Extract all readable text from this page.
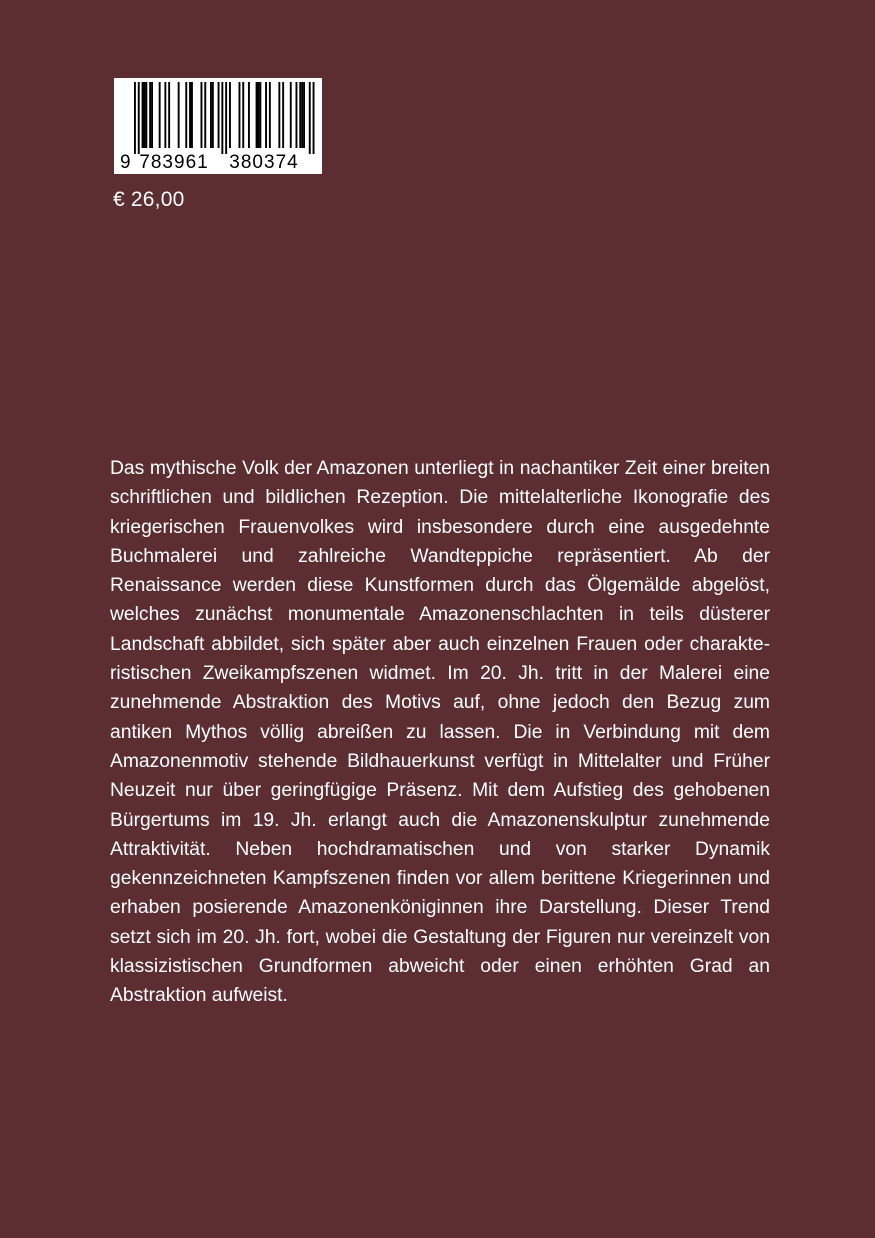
9 783961 380374
€ 26,00

Das mythische Volk der Amazonen unterliegt in nachantiker Zeit einer breiten schriftlichen und bildlichen Rezeption. Die mittelalterliche Ikonografie des kriegerischen Frauenvolkes wird insbesondere durch eine ausgedehnte Buchmalerei und zahlreiche Wandteppiche repräsentiert. Ab der Renaissance werden diese Kunstformen durch das Ölgemälde abgelöst, welches zunächst monumentale Amazonenschlachten in teils düsterer Landschaft abbildet, sich später aber auch einzelnen Frauen oder charakteristischen Zweikampfszenen widmet. Im 20. Jh. tritt in der Malerei eine zunehmende Abstraktion des Motivs auf, ohne jedoch den Bezug zum antiken Mythos völlig abreißen zu lassen. Die in Verbindung mit dem Amazonenmotiv stehende Bildhauerkunst verfügt in Mittelalter und Früher Neuzeit nur über geringfügige Präsenz. Mit dem Aufstieg des gehobenen Bürgertums im 19. Jh. erlangt auch die Amazonenskulptur zunehmende Attraktivität. Neben hochdramatischen und von starker Dynamik gekennzeichneten Kampfszenen finden vor allem berittene Kriegerinnen und erhaben posierende Amazonenköniginnen ihre Darstellung. Dieser Trend setzt sich im 20. Jh. fort, wobei die Gestaltung der Figuren nur vereinzelt von klassizistischen Grundformen abweicht oder einen erhöhten Grad an Abstraktion aufweist.
